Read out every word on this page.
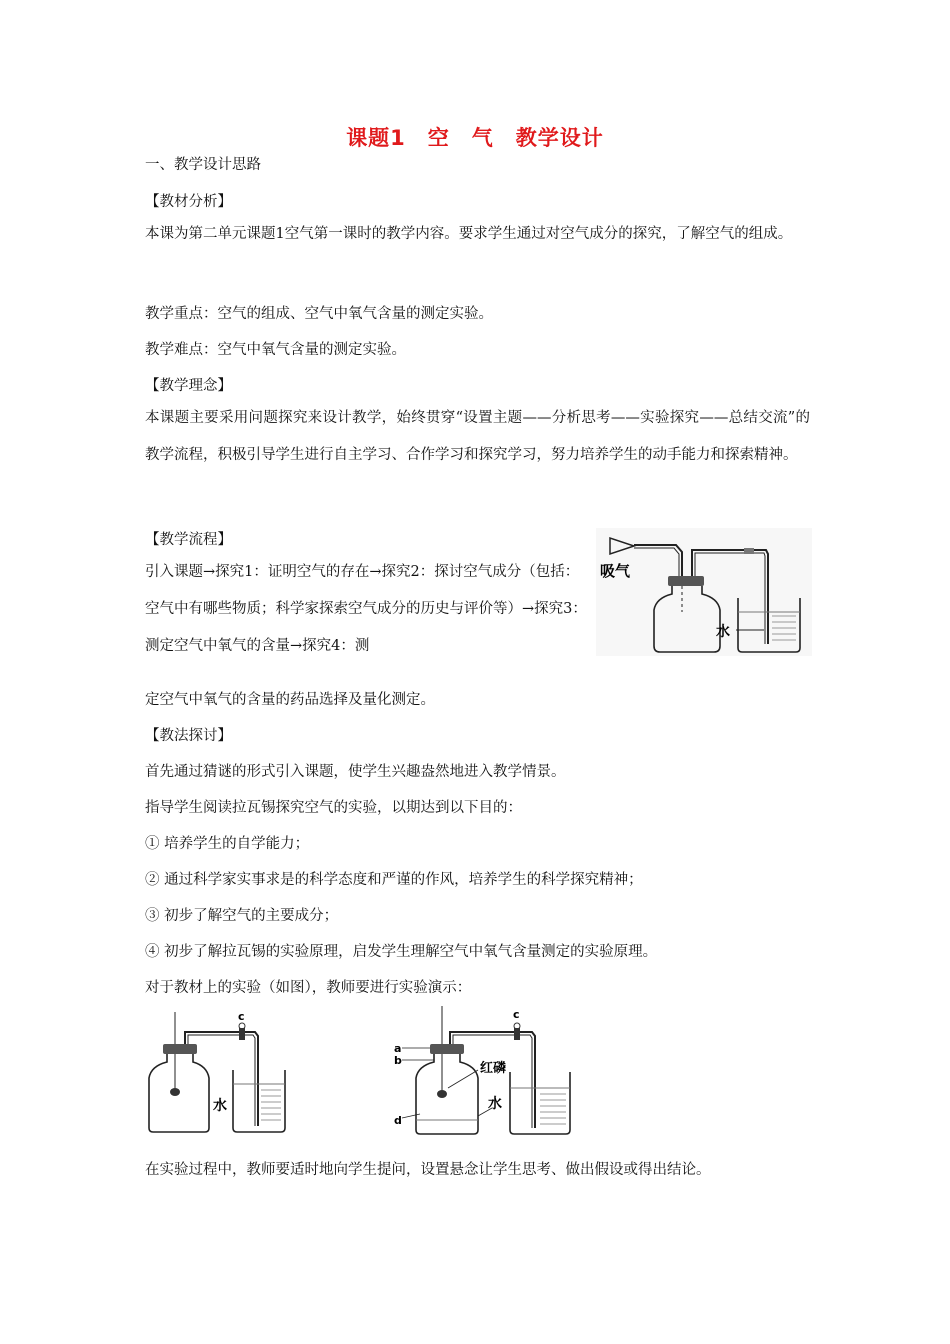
课题1　空　气　教学设计
一、教学设计思路
【教材分析】
本课为第二单元课题1空气第一课时的教学内容。要求学生通过对空气成分的探究，了解空气的组成。
教学重点：空气的组成、空气中氧气含量的测定实验。
教学难点：空气中氧气含量的测定实验。
【教学理念】
本课题主要采用问题探究来设计教学，始终贯穿“设置主题——分析思考——实验探究——总结交流”的教学流程，积极引导学生进行自主学习、合作学习和探究学习，努力培养学生的动手能力和探索精神。
【教学流程】
引入课题→探究1：证明空气的存在→探究2：探讨空气成分（包括：空气中有哪些物质；科学家探索空气成分的历史与评价等）→探究3：测定空气中氧气的含量→探究4：测
定空气中氧气的含量的药品选择及量化测定。
吸气
水
【教法探讨】
首先通过猜谜的形式引入课题，使学生兴趣盎然地进入教学情景。
指导学生阅读拉瓦锡探究空气的实验，以期达到以下目的：
① 培养学生的自学能力；
② 通过科学家实事求是的科学态度和严谨的作风，培养学生的科学探究精神；
③ 初步了解空气的主要成分；
④ 初步了解拉瓦锡的实验原理，启发学生理解空气中氧气含量测定的实验原理。
对于教材上的实验（如图），教师要进行实验演示：
c
水
c
a
b
d
红磷
水
在实验过程中，教师要适时地向学生提问，设置悬念让学生思考、做出假设或得出结论。
